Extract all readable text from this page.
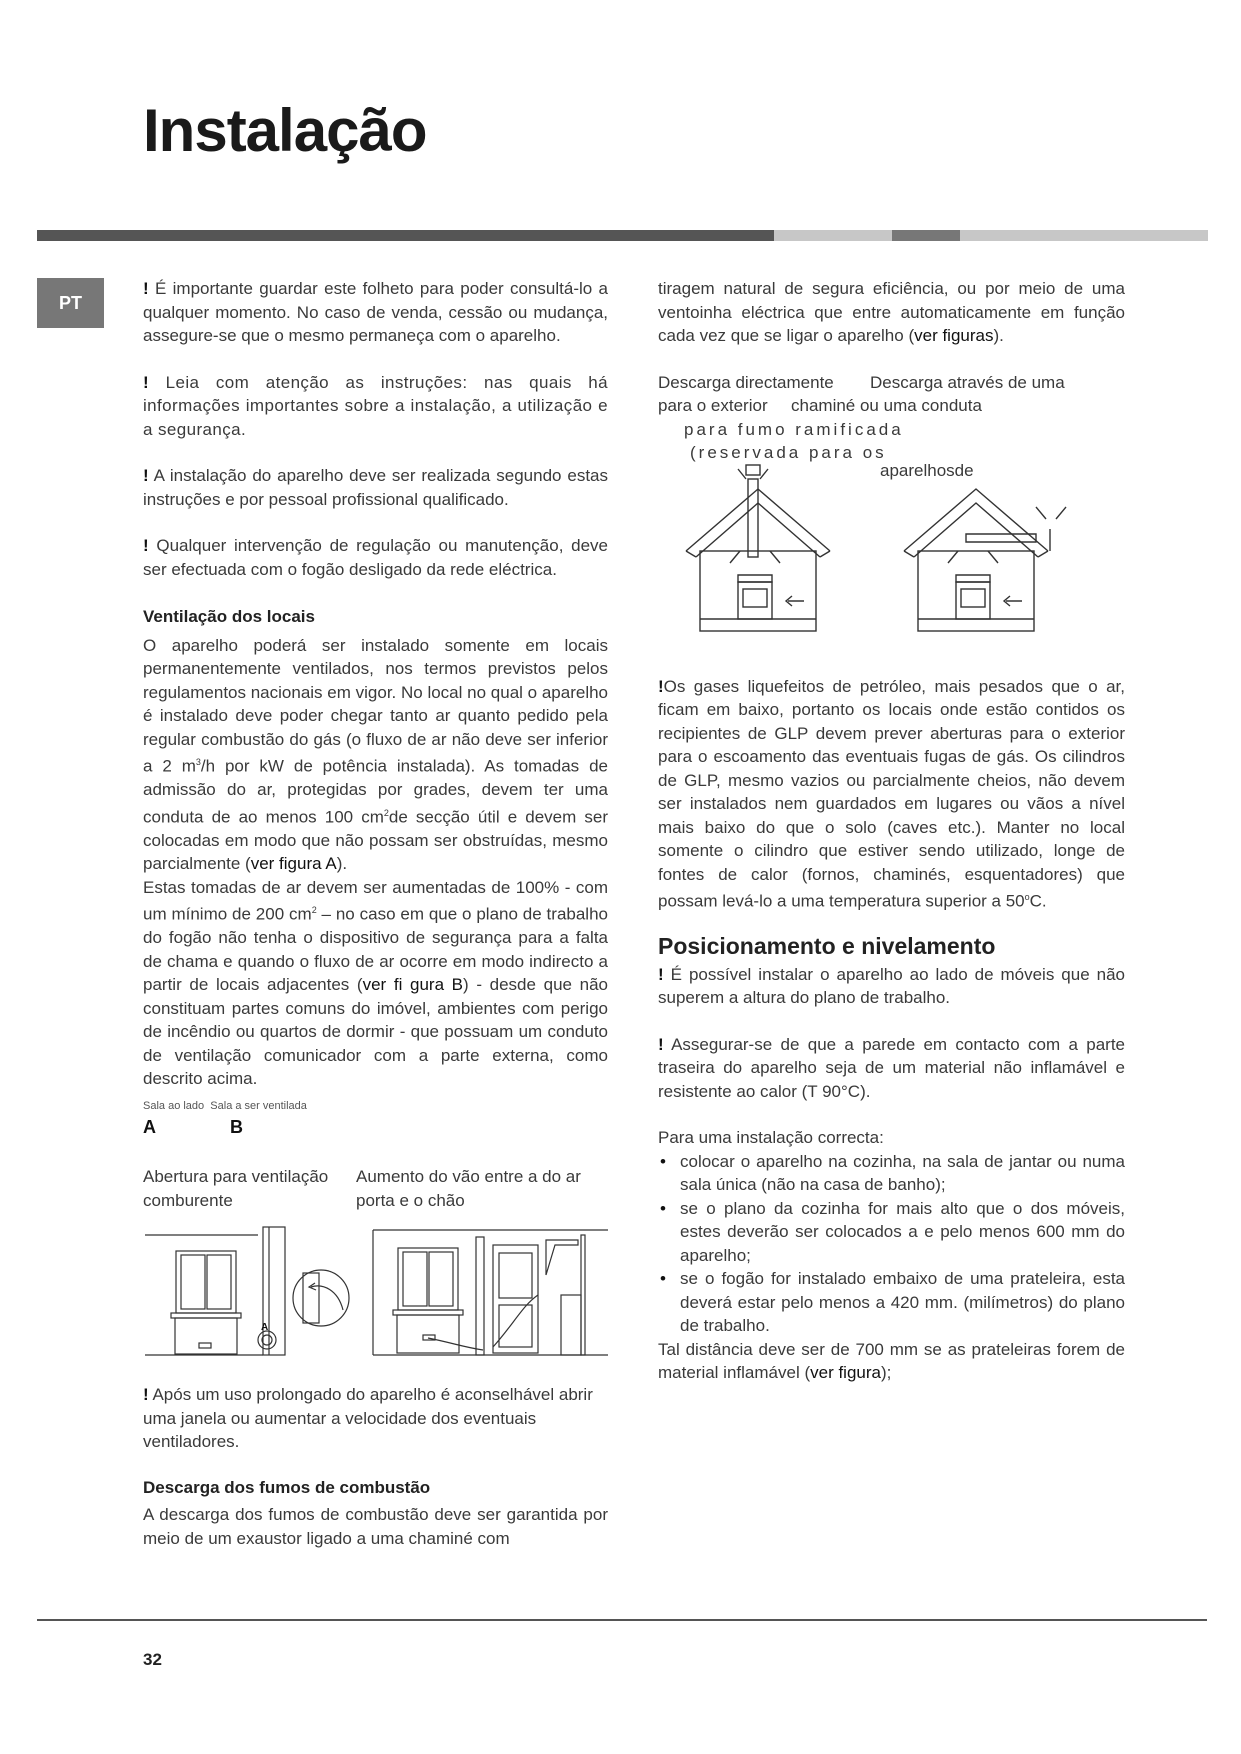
Instalação
PT

! É importante guardar este folheto para poder consultá-lo a qualquer momento. No caso de venda, cessão ou mudança, assegure-se que o mesmo permaneça com o aparelho.

! Leia com atenção as instruções: nas quais há informações importantes sobre a instalação, a utilização e a segurança.

! A instalação do aparelho deve ser realizada segundo estas instruções e por pessoal profissional qualificado.

! Qualquer intervenção de regulação ou manutenção, deve ser efectuada com o fogão desligado da rede eléctrica.

Ventilação dos locais

O aparelho poderá ser instalado somente em locais permanentemente ventilados, nos termos previstos pelos regulamentos nacionais em vigor. No local no qual o aparelho é instalado deve poder chegar tanto ar quanto pedido pela regular combustão do gás (o fluxo de ar não deve ser inferior a 2 $m^3/h$ por kW de potência instalada). As tomadas de admissão do ar, protegidas por grades, devem ter uma conduta de ao menos 100 $cm^2de$ secção útil e devem ser colocadas em modo que não possam ser obstruídas, mesmo parcialmente (ver figura A).

Estas tomadas de ar devem ser aumentadas de 100% - com um mínimo de 200 $cm^2$ – no caso em que o plano de trabalho do fogão não tenha o dispositivo de segurança para a falta de chama e quando o fluxo de ar ocorre em modo indirecto a partir de locais adjacentes (ver fi gura B) - desde que não constituam partes comuns do imóvel, ambientes com perigo de incêndio ou quartos de dormir - que possuam um conduto de ventilação comunicador com a parte externa, como descrito acima.

Sala ao lado Sala a ser ventilada
A	B
Abertura para ventilação comburente
Aumento do vão entre a do ar porta e o chão
A

! Após um uso prolongado do aparelho é aconselhável abrir uma janela ou aumentar a velocidade dos eventuais ventiladores.

Descarga dos fumos de combustão

A descarga dos fumos de combustão deve ser garantida por meio de um exaustor ligado a uma chaminé com

tiragem natural de segura eficiência, ou por meio de uma ventoinha eléctrica que entre automaticamente em função cada vez que se ligar o aparelho (ver figuras).

Descarga directamente
para o exterior
Descarga através de uma
chaminé ou uma conduta
para fumo ramificada
(reservada para os
aparelhosde

!Os gases liquefeitos de petróleo, mais pesados que o ar, ficam em baixo, portanto os locais onde estão contidos os recipientes de GLP devem prever aberturas para o exterior para o escoamento das eventuais fugas de gás. Os cilindros de GLP, mesmo vazios ou parcialmente cheios, não devem ser instalados nem guardados em lugares ou vãos a nível mais baixo do que o solo (caves etc.). Manter no local somente o cilindro que estiver sendo utilizado, longe de fontes de calor (fornos, chaminés, esquentadores) que possam levá-lo a uma temperatura superior a 50$^o$C.

Posicionamento e nivelamento

! É possível instalar o aparelho ao lado de móveis que não superem a altura do plano de trabalho.

! Assegurar-se de que a parede em contacto com a parte traseira do aparelho seja de um material não inflamável e resistente ao calor (T 90°C).

Para uma instalação correcta:

• colocar o aparelho na cozinha, na sala de jantar ou numa sala única (não na casa de banho);
• se o plano da cozinha for mais alto que o dos móveis, estes deverão ser colocados a e pelo menos 600 mm do aparelho;
• se o fogão for instalado embaixo de uma prateleira, esta deverá estar pelo menos a 420 mm. (milímetros) do plano de trabalho.

Tal distância deve ser de 700 mm se as prateleiras forem de material inflamável (ver figura);

32
